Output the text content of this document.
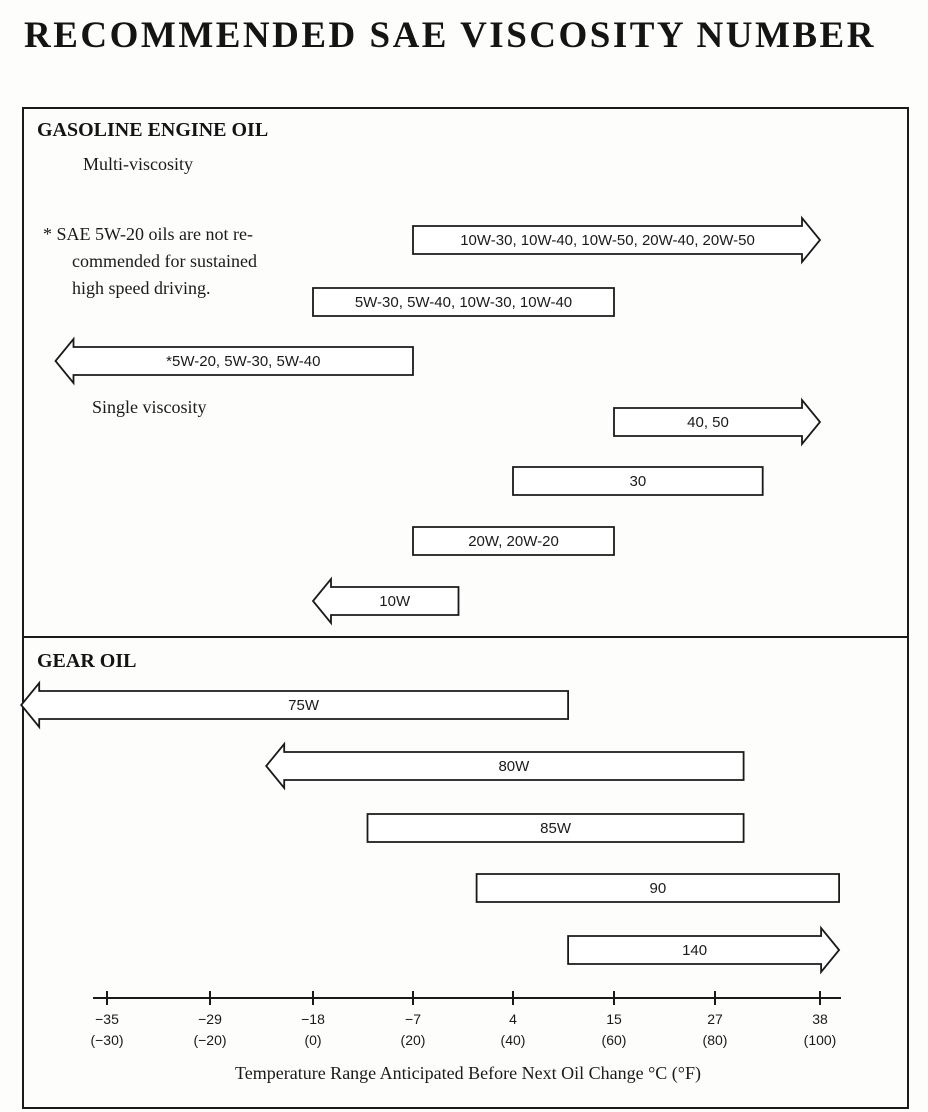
RECOMMENDED SAE VISCOSITY NUMBER
GASOLINE ENGINE OIL
Multi-viscosity
* SAE 5W-20 oils are not re-
commended for sustained
high speed driving.
Single viscosity
GEAR OIL
10W-30, 10W-40, 10W-50, 20W-40, 20W-50
5W-30, 5W-40, 10W-30, 10W-40
*5W-20, 5W-30, 5W-40
40, 50
30
20W, 20W-20
10W
75W
80W
85W
90
140
−35
(−30)
−29
(−20)
−18
(0)
−7
(20)
4
(40)
15
(60)
27
(80)
38
(100)
Temperature Range Anticipated Before Next Oil Change °C (°F)
